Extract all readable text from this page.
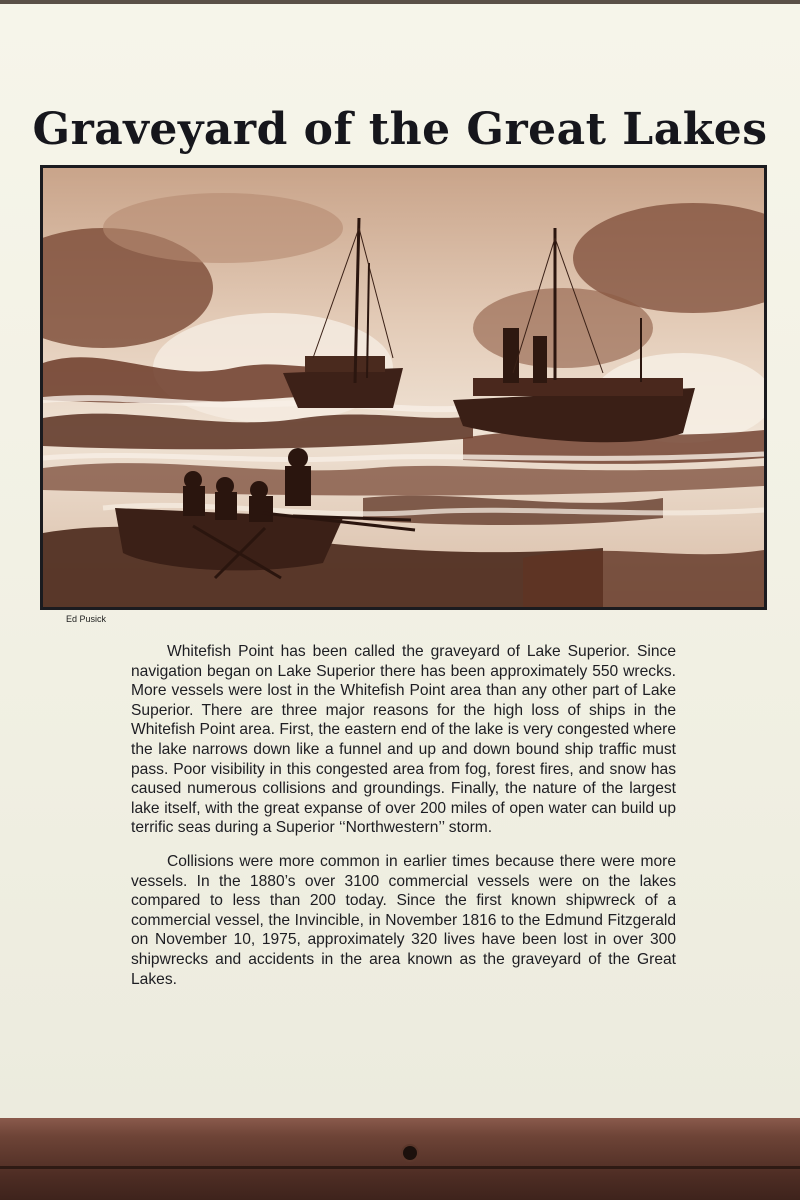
Graveyard of the Great Lakes
Ed Pusick

Whitefish Point has been called the graveyard of Lake Superior. Since navigation began on Lake Superior there has been approximately 550 wrecks. More vessels were lost in the Whitefish Point area than any other part of Lake Superior. There are three major reasons for the high loss of ships in the Whitefish Point area. First, the eastern end of the lake is very congested where the lake narrows down like a funnel and up and down bound ship traffic must pass. Poor visibility in this congested area from fog, forest fires, and snow has caused numerous collisions and groundings. Finally, the nature of the largest lake itself, with the great expanse of over 200 miles of open water can build up terrific seas during a Superior ‘‘Northwestern’’ storm.

Collisions were more common in earlier times because there were more vessels. In the 1880’s over 3100 commercial vessels were on the lakes compared to less than 200 today. Since the first known shipwreck of a commercial vessel, the Invincible, in November 1816 to the Edmund Fitzgerald on November 10, 1975, approximately 320 lives have been lost in over 300 shipwrecks and accidents in the area known as the graveyard of the Great Lakes.
